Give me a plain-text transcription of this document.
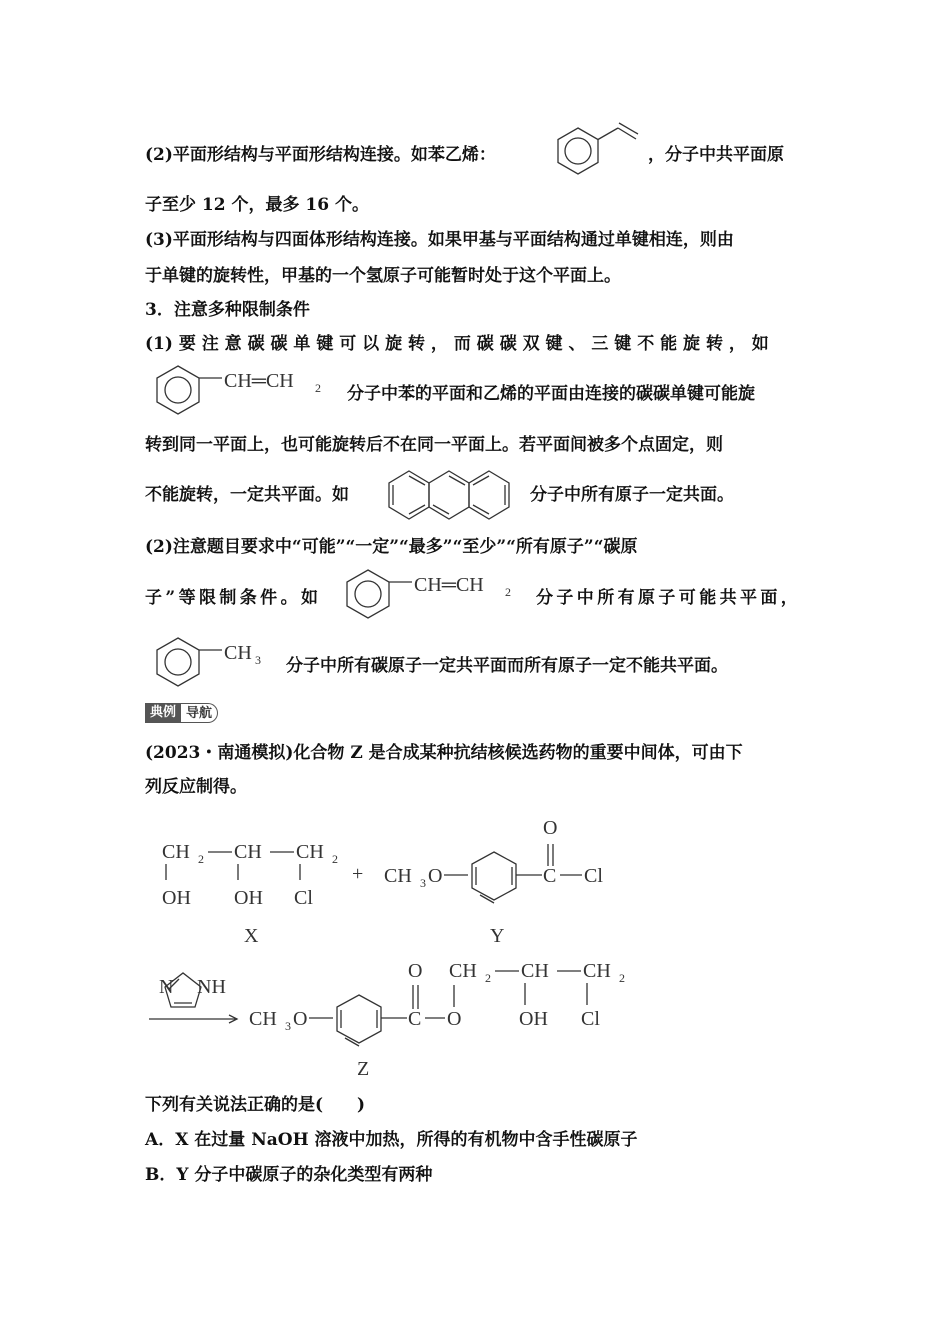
(2)平面形结构与平面形结构连接。如苯乙烯：	，分子中共平面原
子至少 12 个，最多 16 个。
(3)平面形结构与四面体形结构连接。如果甲基与平面结构通过单键相连，则由
于单键的旋转性，甲基的一个氢原子可能暂时处于这个平面上。
3．注意多种限制条件
(1) 要 注 意 碳 碳 单 键 可 以 旋 转 ， 而 碳 碳 双 键 、 三 键 不 能 旋 转 ， 如
CH═CH 2 分子中苯的平面和乙烯的平面由连接的碳碳单键可能旋
转到同一平面上，也可能旋转后不在同一平面上。若平面间被多个点固定，则
不能旋转，一定共平面。如	分子中所有原子一定共面。
(2)注意题目要求中“可能”“一定”“最多”“至少”“所有原子”“碳原
子”等限制条件。如
CH═CH 2 分子中所有原子可能共平面，
CH 3 分子中所有碳原子一定共平面而所有原子一定不能共平面。
典例 导航
(2023・南通模拟)化合物 Z 是合成某种抗结核候选药物的重要中间体，可由下
列反应制得。
CH 2 CH CH 2
OH OH Cl
X
+ CH 3 O	C
O
Cl
Y
N NH
CH 3 O	C
O
O
CH 2 CH CH 2
OH Cl
Z
下列有关说法正确的是(　　)
A．X 在过量 NaOH 溶液中加热，所得的有机物中含手性碳原子
B．Y 分子中碳原子的杂化类型有两种
